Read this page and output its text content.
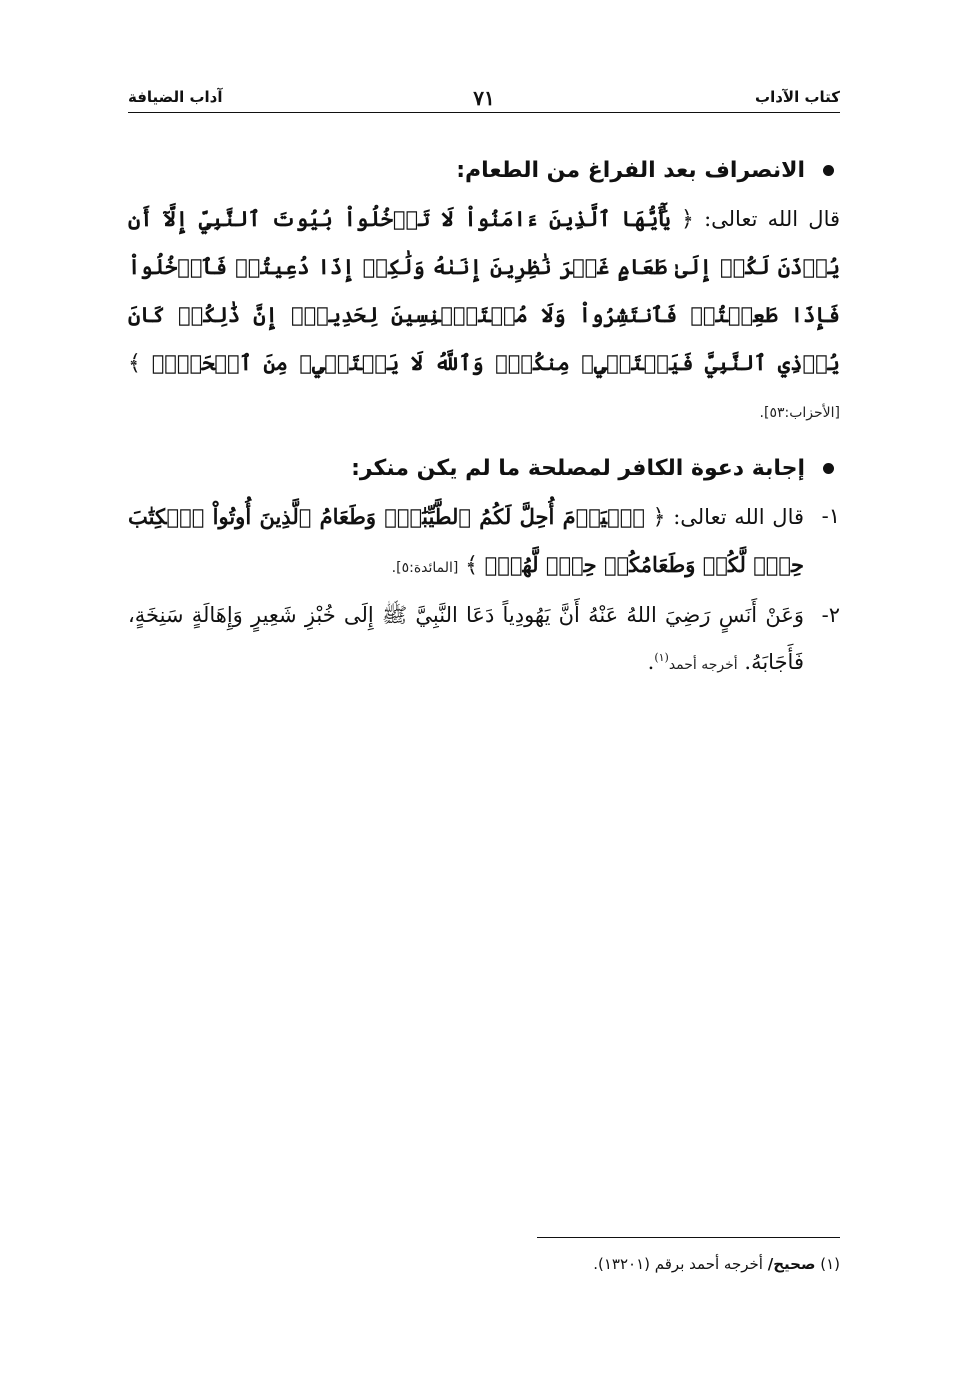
كتاب الآداب
٧١
آداب الضيافة
الانصراف بعد الفراغ من الطعام:

قال الله تعالى: ﴿ يَٰٓأَيُّهَا ٱلَّذِينَ ءَامَنُواْ لَا تَدۡخُلُواْ بُيُوتَ ٱلنَّبِيِّ إِلَّآ أَن يُؤۡذَنَ لَكُمۡ إِلَىٰ طَعَامٍ غَيۡرَ نَٰظِرِينَ إِنَىٰهُ وَلَٰكِنۡ إِذَا دُعِيتُمۡ فَٱدۡخُلُواْ فَإِذَا طَعِمۡتُمۡ فَٱنتَشِرُواْ وَلَا مُسۡتَـٔۡنِسِينَ لِحَدِيثٍۚ إِنَّ ذَٰلِكُمۡ كَانَ يُؤۡذِي ٱلنَّبِيَّ فَيَسۡتَحۡيِۦ مِنكُمۡۖ وَٱللَّهُ لَا يَسۡتَحۡيِۦ مِنَ ٱلۡحَقِّۚ ﴾ [الأحزاب:٥٣].

إجابة دعوة الكافر لمصلحة ما لم يكن منكر:
١-

قال الله تعالى: ﴿ ٱلۡيَوۡمَ أُحِلَّ لَكُمُ ٱلطَّيِّبَٰتُۖ وَطَعَامُ ٱلَّذِينَ أُوتُواْ ٱلۡكِتَٰبَ حِلّٞ لَّكُمۡ وَطَعَامُكُمۡ حِلّٞ لَّهُمۡۖ ﴾ [المائدة:٥].

٢-

وَعَنْ أَنَسٍ رَضِيَ اللهُ عَنْهُ أَنَّ يَهُودِياً دَعَا النَّبِيَّ ﷺ إِلَى خُبْزِ شَعِيرٍ وَإِهَالَةٍ سَنِخَةٍ، فَأَجَابَهُ. أخرجه أحمد$^{(١)}$.

(١) صحيح/ أخرجه أحمد برقم (١٣٢٠١).
